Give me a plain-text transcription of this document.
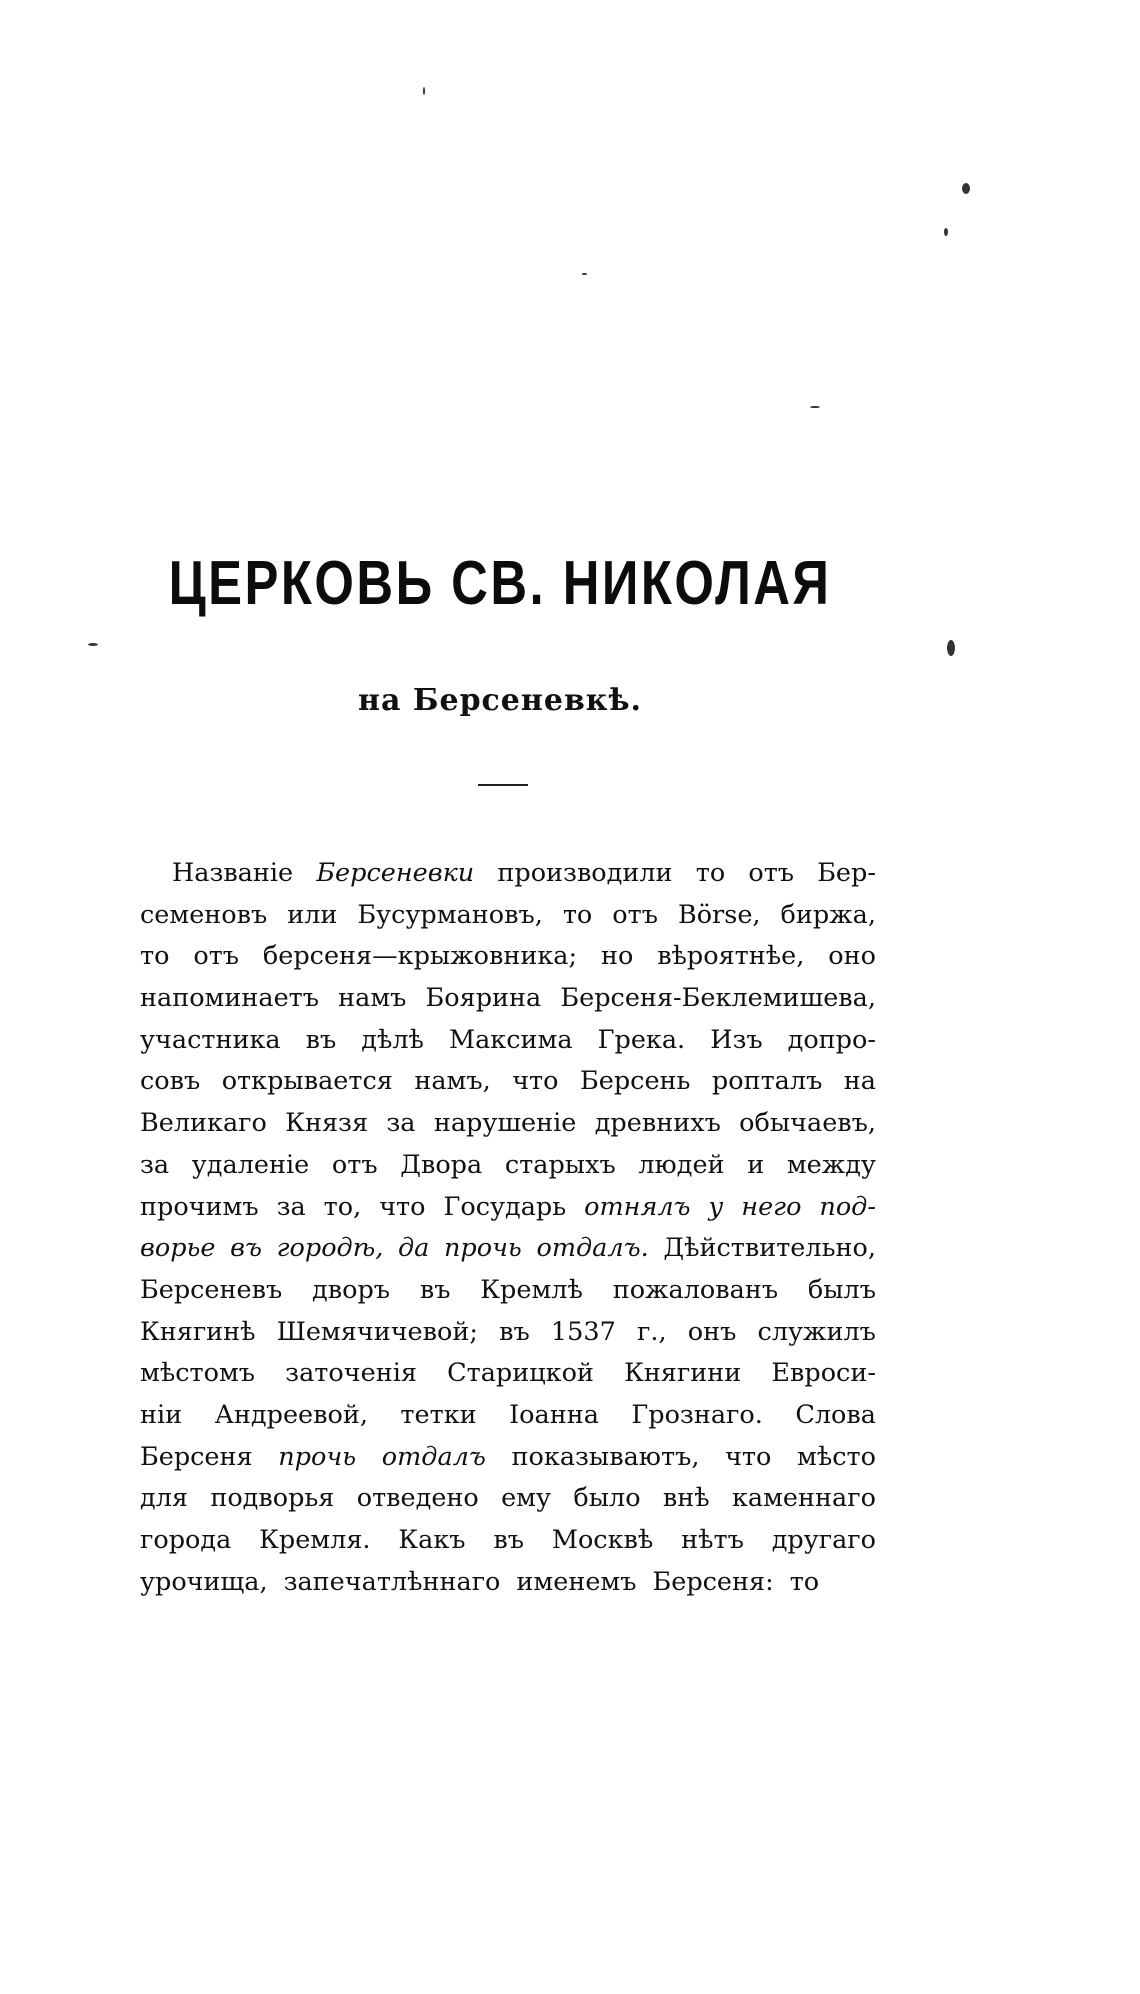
ЦЕРКОВЬ СВ. НИКОЛАЯ
на Берсеневкѣ.
Названіе Берсеневки производили то отъ Бер-
семеновъ или Бусурмановъ, то отъ Börse, биржа,
то отъ берсеня—крыжовника; но вѣроятнѣе, оно
напоминаетъ намъ Боярина Берсеня-Беклемишева,
участника въ дѣлѣ Максима Грека. Изъ допро-
совъ открывается намъ, что Берсень ропталъ на
Великаго Князя за нарушеніе древнихъ обычаевъ,
за удаленіе отъ Двора старыхъ людей и между
прочимъ за то, что Государь отнялъ у него под-
ворье въ городѣ, да прочь отдалъ. Дѣйствительно,
Берсеневъ дворъ въ Кремлѣ пожалованъ былъ
Княгинѣ Шемячичевой; въ 1537 г., онъ служилъ
мѣстомъ заточенія Старицкой Княгини Евроси-
ніи Андреевой, тетки Іоанна Грознаго. Слова
Берсеня прочь отдалъ показываютъ, что мѣсто
для подворья отведено ему было внѣ каменнаго
города Кремля. Какъ въ Москвѣ нѣтъ другаго
урочища, запечатлѣннаго именемъ Берсеня: то
